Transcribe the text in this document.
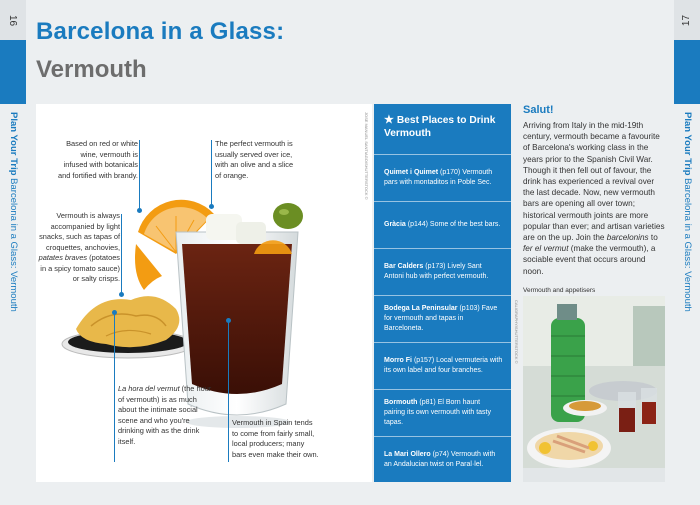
16
Plan Your Trip Barcelona in a Glass: Vermouth
17
Plan Your Trip Barcelona in a Glass: Vermouth
Barcelona in a Glass:
Vermouth
JOSE MANUEL SANTIAGO/SHUTTERSTOCK ©
Based on red or white wine, vermouth is infused with botanicals and fortified with brandy.
The perfect vermouth is usually served over ice, with an olive and a slice of orange.
Vermouth is always accompanied by light snacks, such as tapas of croquettes, anchovies, patates braves (potatoes in a spicy tomato sauce) or salty crisps.
La hora del vermut (the hour of vermouth) is as much about the intimate social scene and who you're drinking with as the drink itself.
Vermouth in Spain tends to come from fairly small, local producers; many bars even make their own.
★ Best Places to Drink Vermouth
Quimet i Quimet (p170) Vermouth pars with montaditos in Poble Sec.
Gràcia (p144) Some of the best bars.
Bar Calders (p173) Lively Sant Antoni hub with perfect vermouth.
Bodega La Peninsular (p103) Fave for vermouth and tapas in Barceloneta.
Morro Fi (p157) Local vermuteria with its own label and four branches.
Bormouth (p81) El Born haunt pairing its own vermouth with tasty tapas.
La Mari Ollero (p74) Vermouth with an Andalucian twist on Paral·lel.
CALIGRAPHY/SHUTTERSTOCK ©
Salut!
Arriving from Italy in the mid-19th century, vermouth became a favourite of Barcelona's working class in the years prior to the Spanish Civil War. Though it then fell out of favour, the drink has experienced a revival over the last decade. Now, new vermouth bars are opening all over town; historical vermouth joints are more popular than ever; and artisan varieties are on the up. Join the barcelonins to fer el vermut (make the vermouth), a sociable event that occurs around noon.
Vermouth and appetisers
